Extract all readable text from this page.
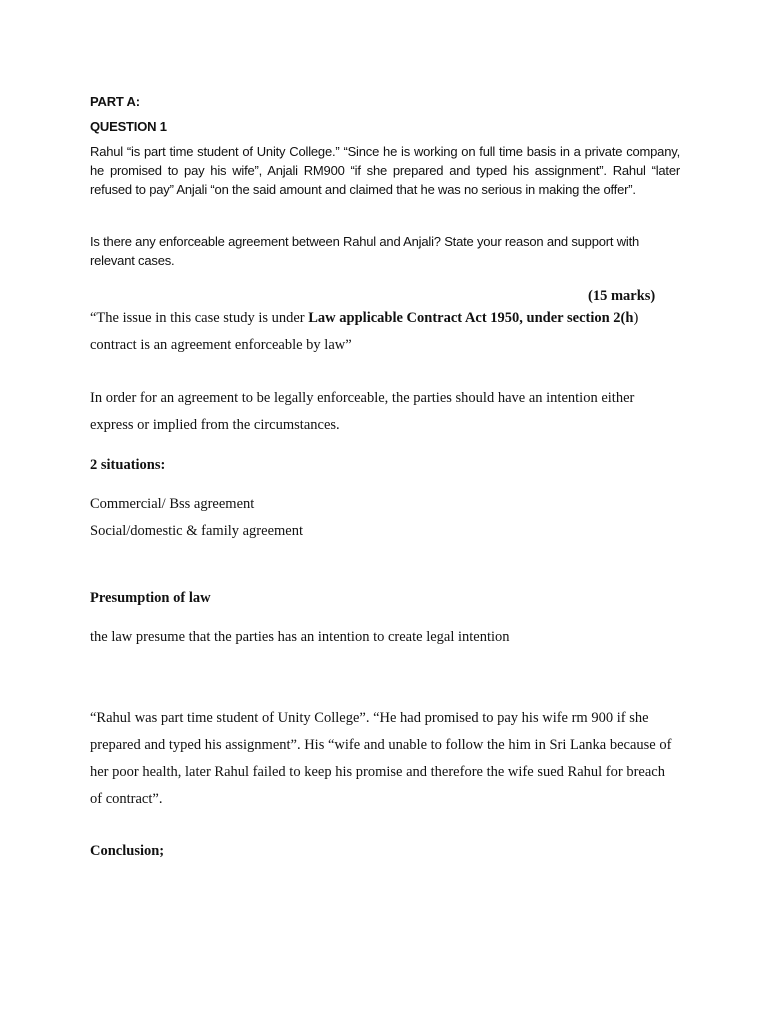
PART A:

QUESTION 1

Rahul “is part time student of Unity College.” “Since he is working on full time basis in a private company, he promised to pay his wife”, Anjali RM900 “if she prepared and typed his assignment”. Rahul “later refused to pay” Anjali “on the said amount and claimed that he was no serious in making the offer”.

Is there any enforceable agreement between Rahul and Anjali? State your reason and support with relevant cases.

(15 marks)

“The issue in this case study is under Law applicable Contract Act 1950, under section 2(h) contract is an agreement enforceable by law”

In order for an agreement to be legally enforceable, the parties should have an intention either express or implied from the circumstances.

2 situations:

Commercial/ Bss agreement

Social/domestic & family agreement

Presumption of law

the law presume that the parties has an intention to create legal intention

“Rahul was part time student of Unity College”. “He had promised to pay his wife rm 900 if she prepared and typed his assignment”. His “wife and unable to follow the him in Sri Lanka because of her poor health, later Rahul failed to keep his promise and therefore the wife sued Rahul for breach of contract”.

Conclusion;
